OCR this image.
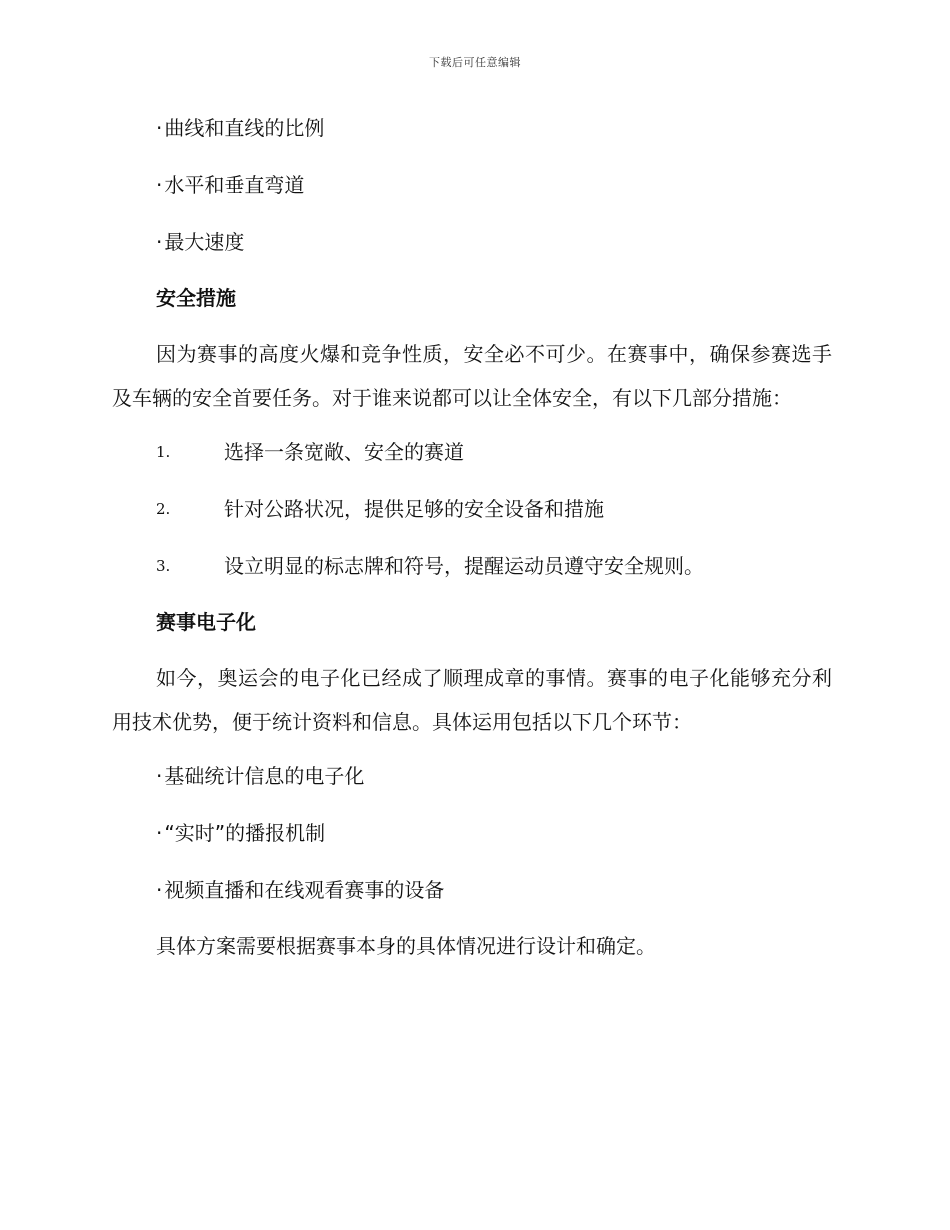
下载后可任意编辑
· 曲线和直线的比例
· 水平和垂直弯道
· 最大速度
安全措施
因为赛事的高度火爆和竞争性质，安全必不可少。在赛事中，确保参赛选手及车辆的安全首要任务。对于谁来说都可以让全体安全，有以下几部分措施：
1.	选择一条宽敞、安全的赛道
2.	针对公路状况，提供足够的安全设备和措施
3.	设立明显的标志牌和符号，提醒运动员遵守安全规则。
赛事电子化
如今，奥运会的电子化已经成了顺理成章的事情。赛事的电子化能够充分利用技术优势，便于统计资料和信息。具体运用包括以下几个环节：
· 基础统计信息的电子化
· “实时”的播报机制
· 视频直播和在线观看赛事的设备
具体方案需要根据赛事本身的具体情况进行设计和确定。
